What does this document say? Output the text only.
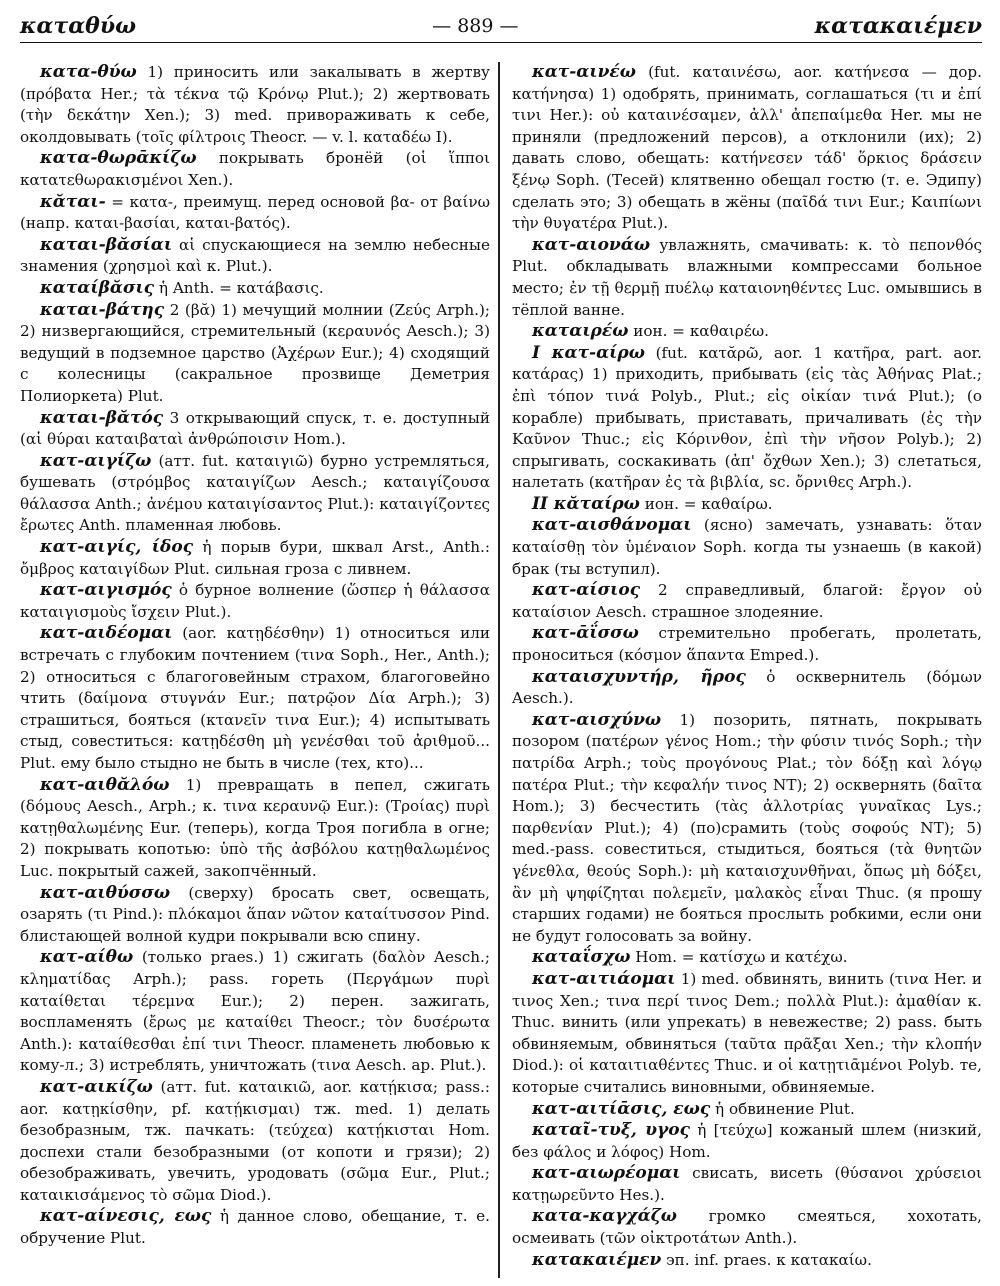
καταθύω	— 889 —	κατακαιέμεν

κατα-θύω 1) приносить или закалывать в жертву (πρόβατα Her.; τὰ τέκνα τῷ Κρόνῳ Plut.); 2) жертвовать (τὴν δεκάτην Xen.); 3) med. привораживать к себе, околдовывать (τοῖς φίλτροις Theocr. — v. l. καταδέω I).

κατα-θωρᾱκίζω покрывать бронёй (οἱ ἵπποι κατατεθωρακισμένοι Xen.).

κᾰται- = κατα-, преимущ. перед основой βα- от βαίνω (напр. καται-βασίαι, καται-βατός).

καται-βᾰσίαι αἱ спускающиеся на землю небесные знамения (χρησμοὶ καὶ κ. Plut.).

καταίβᾰσις ἡ Anth. = κατάβασις.

καται-βάτης 2 (βᾰ) 1) мечущий молнии (Ζεύς Arph.); 2) низвергающийся, стремительный (κεραυνός Aesch.); 3) ведущий в подземное царство (Ἀχέρων Eur.); 4) сходящий с колесницы (сакральное прозвище Деметрия Полиоркета) Plut.

καται-βᾰτός 3 открывающий спуск, т. е. доступный (αἱ θύραι καταιβαταὶ ἀνθρώποισιν Hom.).

κατ-αιγίζω (атт. fut. καταιγιῶ) бурно устремляться, бушевать (στρόμβος καταιγίζων Aesch.; καταιγίζουσα θάλασσα Anth.; ἀνέμου καταιγίσαντος Plut.): καταιγίζοντες ἔρωτες Anth. пламенная любовь.

κατ-αιγίς, ίδος ἡ порыв бури, шквал Arst., Anth.: ὄμβρος καταιγίδων Plut. сильная гроза с ливнем.

κατ-αιγισμός ὁ бурное волнение (ὥσπερ ἡ θάλασσα καταιγισμοὺς ἴσχειν Plut.).

κατ-αιδέομαι (aor. κατῃδέσθην) 1) относиться или встречать с глубоким почтением (τινα Soph., Her., Anth.); 2) относиться с благоговейным страхом, благоговейно чтить (δαίμονα στυγνάν Eur.; πατρῷον Δία Arph.); 3) страшиться, бояться (κτανεῖν τινα Eur.); 4) испытывать стыд, совеститься: κατῃδέσθη μὴ γενέσθαι τοῦ ἀριθμοῦ... Plut. ему было стыдно не быть в числе (тех, кто)...

κατ-αιθᾰλόω 1) превращать в пепел, сжигать (δόμους Aesch., Arph.; κ. τινα κεραυνῷ Eur.): (Τροίας) πυρὶ κατῃθαλωμένης Eur. (теперь), когда Троя погибла в огне; 2) покрывать копотью: ὑπὸ τῆς ἀσβόλου κατῃθαλωμένος Luc. покрытый сажей, закопчённый.

κατ-αιθύσσω (сверху) бросать свет, освещать, озарять (τι Pind.): πλόκαμοι ἅπαν νῶτον καταίτυσσον Pind. блистающей волной кудри покрывали всю спину.

κατ-αίθω (только praes.) 1) сжигать (δαλὸν Aesch.; κληματίδας Arph.); pass. гореть (Περγάμων πυρὶ καταίθεται τέρεμνα Eur.); 2) перен. зажигать, воспламенять (ἔρως με καταίθει Theocr.; τὸν δυσέρωτα Anth.): καταίθεσθαι ἐπί τινι Theocr. пламенеть любовью к кому-л.; 3) истреблять, уничтожать (τινα Aesch. ap. Plut.).

κατ-αικίζω (атт. fut. καταικιῶ, aor. κατῄκισα; pass.: aor. κατῃκίσθην, pf. κατῄκισμαι) тж. med. 1) делать безобразным, тж. пачкать: (τεύχεα) κατῄκισται Hom. доспехи стали безобразными (от копоти и грязи); 2) обезображивать, увечить, уродовать (σῶμα Eur., Plut.; καταικισάμενος τὸ σῶμα Diod.).

κατ-αίνεσις, εως ἡ данное слово, обещание, т. е. обручение Plut.

κατ-αινέω (fut. καταινέσω, aor. κατήνεσα — дор. κατήνησα) 1) одобрять, принимать, соглашаться (τι и ἐπί τινι Her.): οὐ καταινέσαμεν, ἀλλ' ἀπεπαίμεθα Her. мы не приняли (предложений персов), а отклонили (их); 2) давать слово, обещать: κατήνεσεν τάδ' ὅρκιος δράσειν ξένῳ Soph. (Тесей) клятвенно обещал гостю (т. е. Эдипу) сделать это; 3) обещать в жёны (παῖδά τινι Eur.; Καιπίωνι τὴν θυγατέρα Plut.).

κατ-αιονάω увлажнять, смачивать: κ. τὸ πεπονθός Plut. обкладывать влажными компрессами больное место; ἐν τῇ θερμῇ πυέλῳ καταιονηθέντες Luc. омывшись в тёплой ванне.

καταιρέω ион. = καθαιρέω.

I κατ-αίρω (fut. κατᾰρῶ, aor. 1 κατῆρα, part. aor. κατάρας) 1) приходить, прибывать (εἰς τὰς Ἀθήνας Plat.; ἐπὶ τόπον τινά Polyb., Plut.; εἰς οἰκίαν τινά Plut.); (о корабле) прибывать, приставать, причаливать (ἐς τὴν Καῦνον Thuc.; εἰς Κόρινθον, ἐπὶ τὴν νῆσον Polyb.); 2) спрыгивать, соскакивать (ἀπ' ὄχθων Xen.); 3) слетаться, налетать (κατῆραν ἐς τὰ βιβλία, sc. ὄρνιθες Arph.).

II κᾰταίρω ион. = καθαίρω.

κατ-αισθάνομαι (ясно) замечать, узнавать: ὅταν καταίσθῃ τὸν ὑμέναιον Soph. когда ты узнаешь (в какой) брак (ты вступил).

κατ-αίσιος 2 справедливый, благой: ἔργον οὐ καταίσιον Aesch. страшное злодеяние.

κατ-ᾱΐσσω стремительно пробегать, пролетать, проноситься (κόσμον ἅπαντα Emped.).

καταισχυντήρ, ῆρος ὁ осквернитель (δόμων Aesch.).

κατ-αισχύνω 1) позорить, пятнать, покрывать позором (πατέρων γένος Hom.; τὴν φύσιν τινός Soph.; τὴν πατρίδα Arph.; τοὺς προγόνους Plat.; τὸν δόξῃ καὶ λόγῳ πατέρα Plut.; τὴν κεφαλήν τινος NT); 2) осквернять (δαῖτα Hom.); 3) бесчестить (τὰς ἀλλοτρίας γυναῖκας Lys.; παρθενίαν Plut.); 4) (по)срамить (τοὺς σοφούς NT); 5) med.-pass. совеститься, стыдиться, бояться (τὰ θνητῶν γένεθλα, θεούς Soph.): μὴ καταισχυνθῆναι, ὅπως μὴ δόξει, ἂν μὴ ψηφίζηται πολεμεῖν, μαλακὸς εἶναι Thuc. (я прошу старших годами) не бояться прослыть робкими, если они не будут голосовать за войну.

καταΐσχω Hom. = κατίσχω и κατέχω.

κατ-αιτιάομαι 1) med. обвинять, винить (τινα Her. и τινος Xen.; τινα περί τινος Dem.; πολλὰ Plut.): ἀμαθίαν κ. Thuc. винить (или упрекать) в невежестве; 2) pass. быть обвиняемым, обвиняться (ταῦτα πρᾶξαι Xen.; τὴν κλοπήν Diod.): οἱ καταιτιαθέντες Thuc. и οἱ κατῃτιᾱμένοι Polyb. те, которые считались виновными, обвиняемые.

κατ-αιτίᾱσις, εως ἡ обвинение Plut.

καταῖ-τυξ, υγος ἡ [τεύχω] кожаный шлем (низкий, без φάλος и λόφος) Hom.

κατ-αιωρέομαι свисать, висеть (θύσανοι χρύσειοι κατῃωρεῦντο Hes.).

κατα-καγχάζω громко смеяться, хохотать, осмеивать (τῶν οἰκτροτάτων Anth.).

κατακαιέμεν эп. inf. praes. к κατακαίω.
